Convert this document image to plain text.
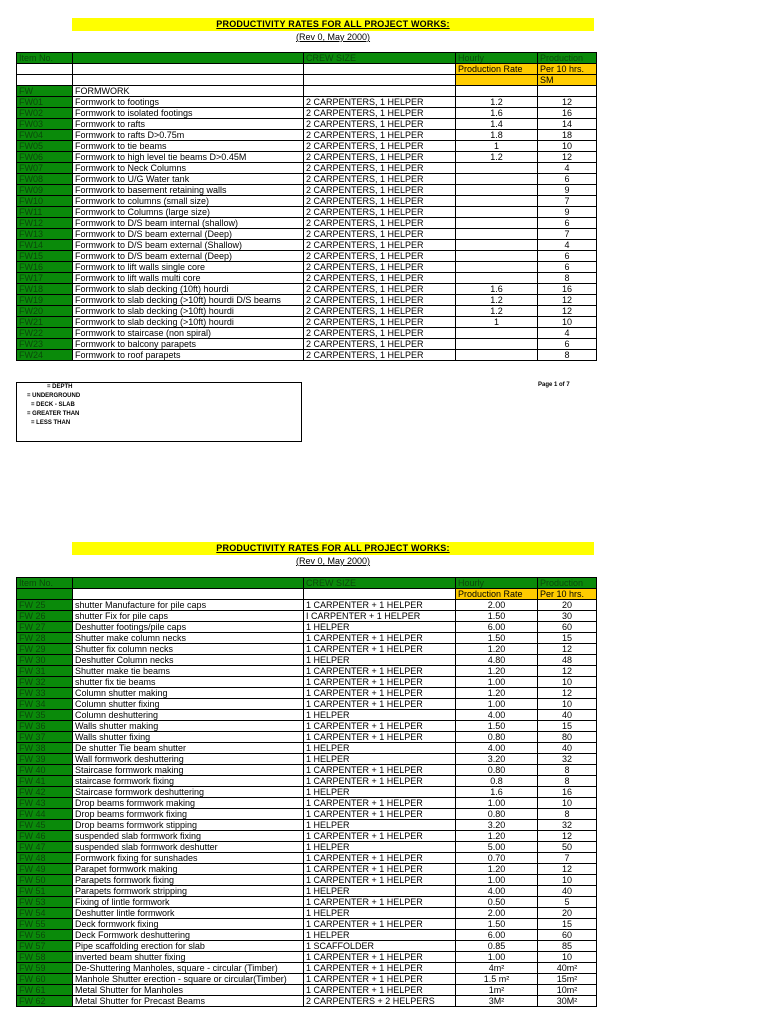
PRODUCTIVITY RATES FOR ALL PROJECT WORKS:
(Rev 0, May 2000)
Item No.		CREW SIZE	Hourly	Production
			Production Rate	Per 10 hrs.
				SM
FW	FORMWORK			
FW01	Formwork to footings	2 CARPENTERS, 1 HELPER	1.2	12
FW02	Formwork to isolated footings	2 CARPENTERS, 1 HELPER	1.6	16
FW03	Formwork to rafts	2 CARPENTERS, 1 HELPER	1.4	14
FW04	Formwork to rafts D>0.75m	2 CARPENTERS, 1 HELPER	1.8	18
FW05	Formwork to tie beams	2 CARPENTERS, 1 HELPER	1	10
FW06	Formwork to high level tie beams D>0.45M	2 CARPENTERS, 1 HELPER	1.2	12
FW07	Formwork to Neck Columns	2 CARPENTERS, 1 HELPER		4
FW08	Formwork to U/G Water tank	2 CARPENTERS, 1 HELPER		6
FW09	Formwork to basement retaining walls	2 CARPENTERS, 1 HELPER		9
FW10	Formwork to columns (small size)	2 CARPENTERS, 1 HELPER		7
FW11	Formwork to Columns (large size)	2 CARPENTERS, 1 HELPER		9
FW12	Formwork to D/S beam internal (shallow)	2 CARPENTERS, 1 HELPER		6
FW13	Formwork to D/S beam external (Deep)	2 CARPENTERS, 1 HELPER		7
FW14	Formwork to D/S beam external (Shallow)	2 CARPENTERS, 1 HELPER		4
FW15	Formwork to D/S beam external (Deep)	2 CARPENTERS, 1 HELPER		6
FW16	Formwork to lift walls single core	2 CARPENTERS, 1 HELPER		6
FW17	Formwork to lift walls multi core	2 CARPENTERS, 1 HELPER		8
FW18	Formwork to slab decking (10ft) hourdi	2 CARPENTERS, 1 HELPER	1.6	16
FW19	Formwork to slab decking (>10ft) hourdi D/S beams	2 CARPENTERS, 1 HELPER	1.2	12
FW20	Formwork to slab decking (>10ft) hourdi	2 CARPENTERS, 1 HELPER	1.2	12
FW21	Formwork to slab decking (>10ft) hourdi	2 CARPENTERS, 1 HELPER	1	10
FW22	Formwork to staircase (non spiral)	2 CARPENTERS, 1 HELPER		4
FW23	Formwork to balcony parapets	2 CARPENTERS, 1 HELPER		6
FW24	Formwork to roof parapets	2 CARPENTERS, 1 HELPER		8
= DEPTH
= UNDERGROUND
= DECK - SLAB
= GREATER THAN
= LESS THAN
Page 1 of 7
PRODUCTIVITY RATES FOR ALL PROJECT WORKS:
(Rev 0, May 2000)
Item No.		CREW SIZE	Hourly	Production
			Production Rate	Per 10 hrs.
FW 25	shutter Manufacture for pile caps	1 CARPENTER + 1 HELPER	2.00	20
FW 26	shutter Fix for pile caps	I CARPENTER + 1 HELPER	1.50	30
FW 27	Deshutter footings/pile caps	1 HELPER	6.00	60
FW 28	Shutter make column necks	1 CARPENTER + 1 HELPER	1.50	15
FW 29	Shutter fix column necks	1 CARPENTER + 1 HELPER	1.20	12
FW 30	Deshutter Column necks	1 HELPER	4.80	48
FW 31	Shutter make tie beams	1 CARPENTER + 1 HELPER	1.20	12
FW 32	shutter fix tie beams	1 CARPENTER + 1 HELPER	1.00	10
FW 33	Column shutter making	1 CARPENTER + 1 HELPER	1.20	12
FW 34	Column shutter fixing	1 CARPENTER + 1 HELPER	1.00	10
FW 35	Column deshuttering	1 HELPER	4.00	40
FW 36	Walls shutter making	1 CARPENTER + 1 HELPER	1.50	15
FW 37	Walls shutter fixing	1 CARPENTER + 1 HELPER	0.80	80
FW 38	De shutter Tie beam shutter	1 HELPER	4.00	40
FW 39	Wall formwork deshuttering	1 HELPER	3.20	32
FW 40	Staircase formwork making	1 CARPENTER + 1 HELPER	0.80	8
FW 41	staircase formwork fixing	1 CARPENTER + 1 HELPER	0.8	8
FW 42	Staircase formwork deshuttering	1 HELPER	1.6	16
FW 43	Drop beams formwork making	1 CARPENTER + 1 HELPER	1.00	10
FW 44	Drop beams formwork fixing	1 CARPENTER + 1 HELPER	0.80	8
FW 45	Drop beams formwork stipping	1 HELPER	3.20	32
FW 46	suspended slab formwork fixing	1 CARPENTER + 1 HELPER	1.20	12
FW 47	suspended slab formwork deshutter	1 HELPER	5.00	50
FW 48	Formwork fixing for sunshades	1 CARPENTER + 1 HELPER	0.70	7
FW 49	Parapet formwork making	1 CARPENTER + 1 HELPER	1.20	12
FW 50	Parapets formwork fixing	1 CARPENTER + 1 HELPER	1.00	10
FW 51	Parapets formwork stripping	1 HELPER	4.00	40
FW 53	Fixing of lintle formwork	1 CARPENTER + 1 HELPER	0.50	5
FW 54	Deshutter lintle formwork	1 HELPER	2.00	20
FW 55	Deck formwork fixing	1 CARPENTER + 1 HELPER	1.50	15
FW 56	Deck Formwork deshuttering	1 HELPER	6.00	60
FW 57	Pipe scaffolding erection for slab	1 SCAFFOLDER	0.85	85
FW 58	inverted beam shutter fixing	1 CARPENTER + 1 HELPER	1.00	10
FW 59	De-Shuttering Manholes, square - circular (Timber)	1 CARPENTER + 1 HELPER	4m²	40m²
FW 60	Manhole Shutter erection - square or circular(Timber)	1 CARPENTER + 1 HELPER	1.5 m²	15m²
FW 61	Metal Shutter for Manholes	1 CARPENTER + 1 HELPER	1m²	10m²
FW 62	Metal Shutter for Precast Beams	2 CARPENTERS + 2 HELPERS	3M²	30M²
